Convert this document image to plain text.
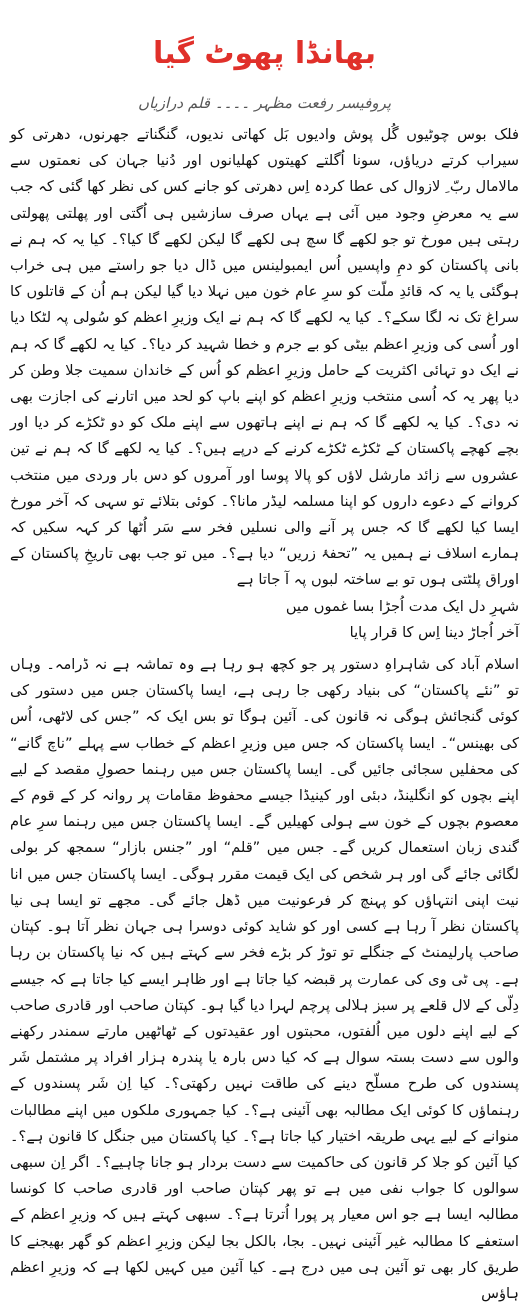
بھانڈا پھوٹ گیا
پروفیسر رفعت مظہر ۔۔۔۔ قلم درازیاں

فلک بوس چوٹیوں گُل پوش وادیوں بَل کھاتی ندیوں، گنگناتے جھرنوں، دھرتی کو سیراب کرتے دریاؤں، سونا اُگلتے کھیتوں کھلیانوں اور دُنیا جہان کی نعمتوں سے مالامال ربّ ِ لازوال کی عطا کردہ اِس دھرتی کو جانے کس کی نظر کھا گئی کہ جب سے یہ معرضِ وجود میں آئی ہے یہاں صرف سازشیں ہی اُگتی اور پھلتی پھولتی رہتی ہیں مورخ تو جو لکھے گا سچ ہی لکھے گا لیکن لکھے گا کیا؟۔ کیا یہ کہ ہم نے بانی پاکستان کو دمِ واپسیں اُس ایمبولینس میں ڈال دیا جو راستے میں ہی خراب ہوگئی یا یہ کہ قائدِ ملّت کو سرِ عام خون میں نہلا دیا گیا لیکن ہم اُن کے قاتلوں کا سراغ تک نہ لگا سکے؟۔ کیا یہ لکھے گا کہ ہم نے ایک وزیرِ اعظم کو سُولی پہ لٹکا دیا اور اُسی کی وزیرِ اعظم بیٹی کو بے جرم و خطا شہید کر دیا؟۔ کیا یہ لکھے گا کہ ہم نے ایک دو تہائی اکثریت کے حامل وزیرِ اعظم کو اُس کے خاندان سمیت جلا وطن کر دیا پھر یہ کہ اُسی منتخب وزیرِ اعظم کو اپنے باپ کو لحد میں اتارنے کی اجازت بھی نہ دی؟۔ کیا یہ لکھے گا کہ ہم نے اپنے ہاتھوں سے اپنے ملک کو دو ٹکڑے کر دیا اور بچے کھچے پاکستان کے ٹکڑے ٹکڑے کرنے کے درپے ہیں؟۔ کیا یہ لکھے گا کہ ہم نے تین عشروں سے زائد مارشل لاؤں کو پالا پوسا اور آمروں کو دس بار وردی میں منتخب کروانے کے دعوے داروں کو اپنا مسلمہ لیڈر مانا؟۔ کوئی بتلائے تو سہی کہ آخر مورخ ایسا کیا لکھے گا کہ جس پر آنے والی نسلیں فخر سے سَر اُٹھا کر کہہ سکیں کہ ہمارے اسلاف نے ہمیں یہ ”تحفۂ زریں“ دیا ہے؟۔ میں تو جب بھی تاریخِ پاکستان کے اوراق پلٹتی ہوں تو بے ساختہ لبوں پہ آ جاتا ہے

شہرِ دل ایک مدت اُجڑا بسا غموں میں

آخر اُجاڑ دینا اِس کا قرار پایا

اسلام آباد کی شاہراہِ دستور پر جو کچھ ہو رہا ہے وہ تماشہ ہے نہ ڈرامہ۔ وہاں تو ”نئے پاکستان“ کی بنیاد رکھی جا رہی ہے، ایسا پاکستان جس میں دستور کی کوئی گنجائش ہوگی نہ قانون کی۔ آئین ہوگا تو بس ایک کہ ”جس کی لاٹھی، اُس کی بھینس“۔ ایسا پاکستان کہ جس میں وزیرِ اعظم کے خطاب سے پہلے ”ناچ گانے“ کی محفلیں سجائی جائیں گی۔ ایسا پاکستان جس میں رہنما حصولِ مقصد کے لیے اپنے بچوں کو انگلینڈ، دبئی اور کینیڈا جیسے محفوظ مقامات پر روانہ کر کے قوم کے معصوم بچوں کے خون سے ہولی کھیلیں گے۔ ایسا پاکستان جس میں رہنما سرِ عام گندی زبان استعمال کریں گے۔ جس میں ”قلم“ اور ”جنس بازار“ سمجھ کر بولی لگائی جائے گی اور ہر شخص کی ایک قیمت مقرر ہوگی۔ ایسا پاکستان جس میں انا نیت اپنی انتہاؤں کو پہنچ کر فرعونیت میں ڈھل جائے گی۔ مجھے تو ایسا ہی نیا پاکستان نظر آ رہا ہے کسی اور کو شاید کوئی دوسرا ہی جہان نظر آتا ہو۔ کپتان صاحب پارلیمنٹ کے جنگلے تو توڑ کر بڑے فخر سے کہتے ہیں کہ نیا پاکستان بن رہا ہے۔ پی ٹی وی کی عمارت پر قبضہ کیا جاتا ہے اور ظاہر ایسے کیا جاتا ہے کہ جیسے دِلّی کے لال قلعے پر سبز ہلالی پرچم لہرا دیا گیا ہو۔ کپتان صاحب اور قادری صاحب کے لیے اپنے دلوں میں اُلفتوں، محبتوں اور عقیدتوں کے ٹھاٹھیں مارتے سمندر رکھنے والوں سے دست بستہ سوال ہے کہ کیا دس بارہ یا پندرہ ہزار افراد پر مشتمل شَر پسندوں کی طرح مسلّح دینے کی طاقت نہیں رکھتی؟۔ کیا اِن شَر پسندوں کے رہنماؤں کا کوئی ایک مطالبہ بھی آئینی ہے؟۔ کیا جمہوری ملکوں میں اپنے مطالبات منوانے کے لیے یہی طریقہ اختیار کیا جاتا ہے؟۔ کیا پاکستان میں جنگل کا قانون ہے؟۔ کیا آئین کو جلا کر قانون کی حاکمیت سے دست بردار ہو جانا چاہیے؟۔ اگر اِن سبھی سوالوں کا جواب نفی میں ہے تو پھر کپتان صاحب اور قادری صاحب کا کونسا مطالبہ ایسا ہے جو اس معیار پر پورا اُترتا ہے؟۔ سبھی کہتے ہیں کہ وزیرِ اعظم کے استعفے کا مطالبہ غیر آئینی نہیں۔ بجا، بالکل بجا لیکن وزیرِ اعظم کو گھر بھیجنے کا طریق کار بھی تو آئین ہی میں درج ہے۔ کیا آئین میں کہیں لکھا ہے کہ وزیرِ اعظم ہاؤس
